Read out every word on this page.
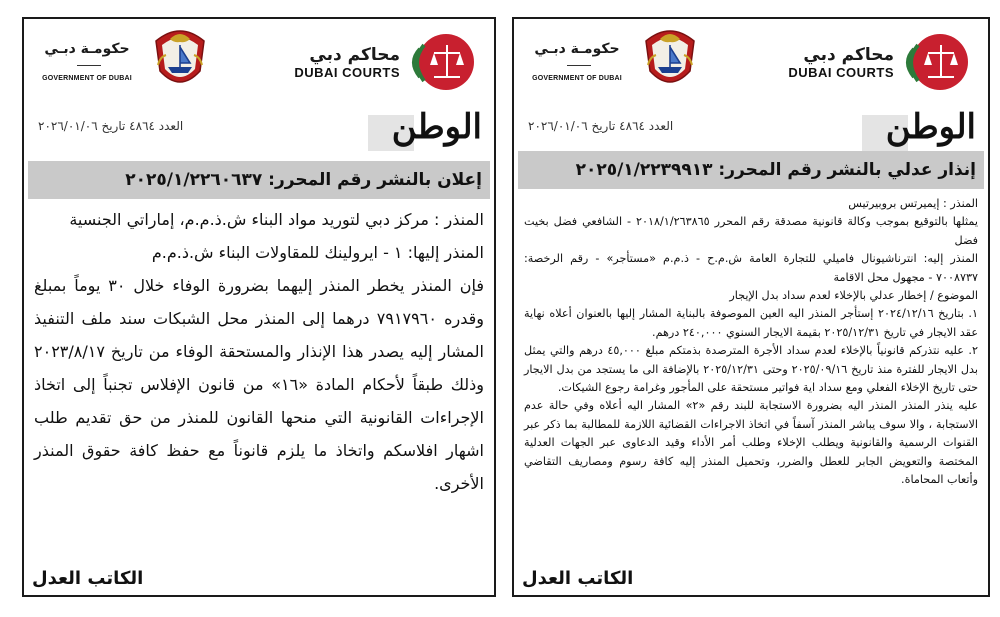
حكومـة دبـي
GOVERNMENT OF DUBAI
محاكم دبي
DUBAI COURTS
الوطن
العدد ٤٨٦٤ تاريخ ٢٠٢٦/٠١/٠٦
إنذار عدلي بالنشر رقم المحرر: ٢٠٢٥/١/٢٢٣٩٩١٣

المنذر : إيميرتس بروبيرتيس

يمثلها بالتوقيع بموجب وكالة قانونية مصدقة رقم المحرر ٢٠١٨/١/٢٦٣٨٦٥ - الشافعي فضل بخيت فضل

المنذر إليه: انترناشيونال فاميلي للتجارة العامة ش.م.ح - ذ.م.م «مستأجر» - رقم الرخصة: ٧٠٠٨٧٣٧ - مجهول محل الاقامة

الموضوع / إخطار عدلي بالإخلاء لعدم سداد بدل الإيجار

١. بتاريخ ٢٠٢٤/١٢/١٦ إستأجر المنذر اليه العين الموصوفة بالبناية المشار إليها بالعنوان أعلاه نهاية عقد الايجار في تاريخ ٢٠٢٥/١٢/٣١ بقيمة الايجار السنوي ٢٤٠,٠٠٠ درهم.

٢. عليه نتذركم قانونياً بالإخلاء لعدم سداد الأجرة المترصدة بذمتكم مبلغ ٤٥,٠٠٠ درهم والتي يمثل بدل الايجار للفترة منذ تاريخ ٢٠٢٥/٠٩/١٦ وحتى ٢٠٢٥/١٢/٣١ بالإضافة الى ما يستجد من بدل الايجار حتى تاريخ الإخلاء الفعلي ومع سداد اية فواتير مستحقة على المأجور وغرامة رجوع الشيكات.

عليه ينذر المنذر المنذر اليه بضرورة الاستجابة للبند رقم «٢» المشار اليه أعلاه وفي حالة عدم الاستجابة ، والا سوف يباشر المنذر آسفاً في اتخاذ الاجراءات القضائية اللازمة للمطالبة بما ذكر عبر القنوات الرسمية والقانونية ويطلب الإخلاء وطلب أمر الأداء وقيد الدعاوى عبر الجهات العدلية المختصة والتعويض الجابر للعطل والضرر، وتحميل المنذر إليه كافة رسوم ومصاريف التقاضي وأتعاب المحاماة.

الكاتب العدل
حكومـة دبـي
GOVERNMENT OF DUBAI
محاكم دبي
DUBAI COURTS
الوطن
العدد ٤٨٦٤ تاريخ ٢٠٢٦/٠١/٠٦
إعلان بالنشر رقم المحرر: ٢٠٢٥/١/٢٢٦٠٦٣٧

المنذر : مركز دبي لتوريد مواد البناء ش.ذ.م.م، إماراتي الجنسية

المنذر إليها: ١ - ايرولينك للمقاولات البناء ش.ذ.م.م

فإن المنذر يخطر المنذر إليهما بضرورة الوفاء خلال ٣٠ يوماً بمبلغ وقدره ٧٩١٧٩٦٠ درهما إلى المنذر محل الشبكات سند ملف التنفيذ المشار إليه يصدر هذا الإنذار والمستحقة الوفاء من تاريخ ٢٠٢٣/٨/١٧ وذلك طبقاً لأحكام المادة «١٦» من قانون الإفلاس تجنباً إلى اتخاذ الإجراءات القانونية التي منحها القانون للمنذر من حق تقديم طلب اشهار افلاسكم واتخاذ ما يلزم قانوناً مع حفظ كافة حقوق المنذر الأخرى.

الكاتب العدل
